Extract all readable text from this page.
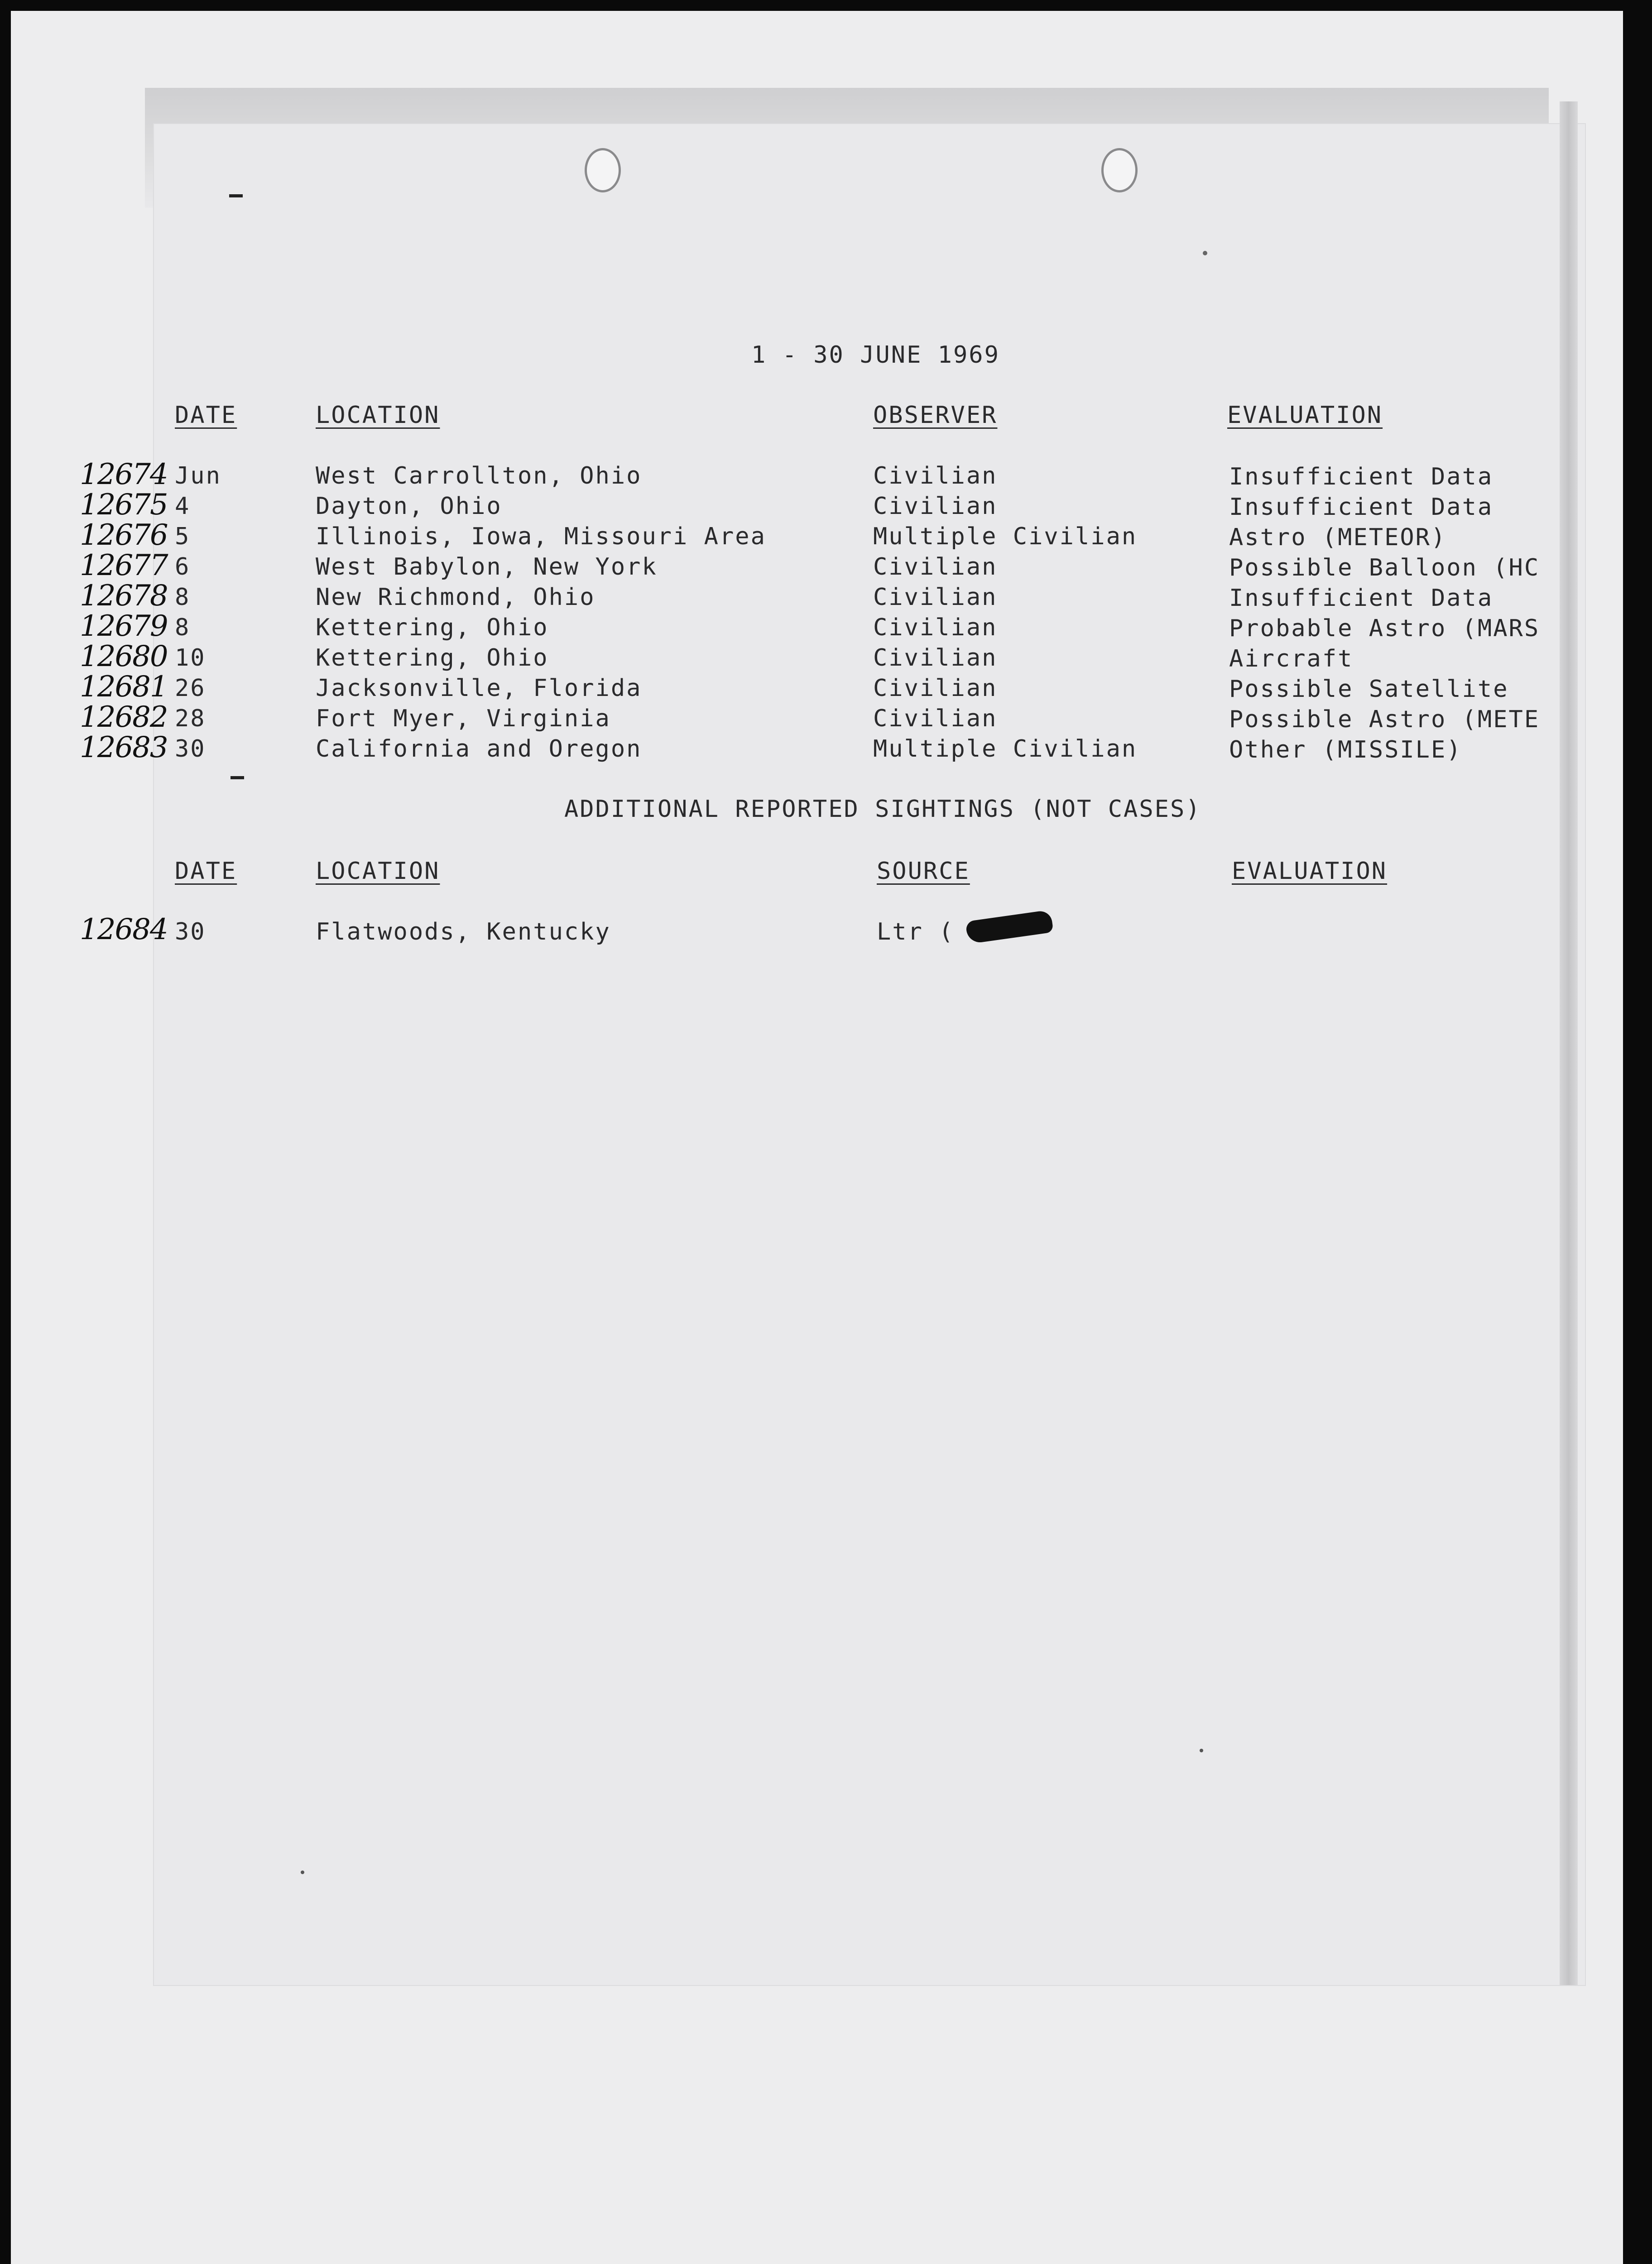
1 - 30 JUNE 1969
DATE	LOCATION	OBSERVER	EVALUATION
12674 Jun	West Carrollton, Ohio	Civilian	Insufficient Data
12675 4	Dayton, Ohio	Civilian	Insufficient Data
12676 5	Illinois, Iowa, Missouri Area	Multiple Civilian	Astro (METEOR)
12677 6	West Babylon, New York	Civilian	Possible Balloon (HC
12678 8	New Richmond, Ohio	Civilian	Insufficient Data
12679 8	Kettering, Ohio	Civilian	Probable Astro (MARS
12680 10	Kettering, Ohio	Civilian	Aircraft
12681 26	Jacksonville, Florida	Civilian	Possible Satellite
12682 28	Fort Myer, Virginia	Civilian	Possible Astro (METE
12683 30	California and Oregon	Multiple Civilian	Other (MISSILE)
ADDITIONAL REPORTED SIGHTINGS (NOT CASES)
DATE	LOCATION	SOURCE	EVALUATION
12684 30	Flatwoods, Kentucky	Ltr (
